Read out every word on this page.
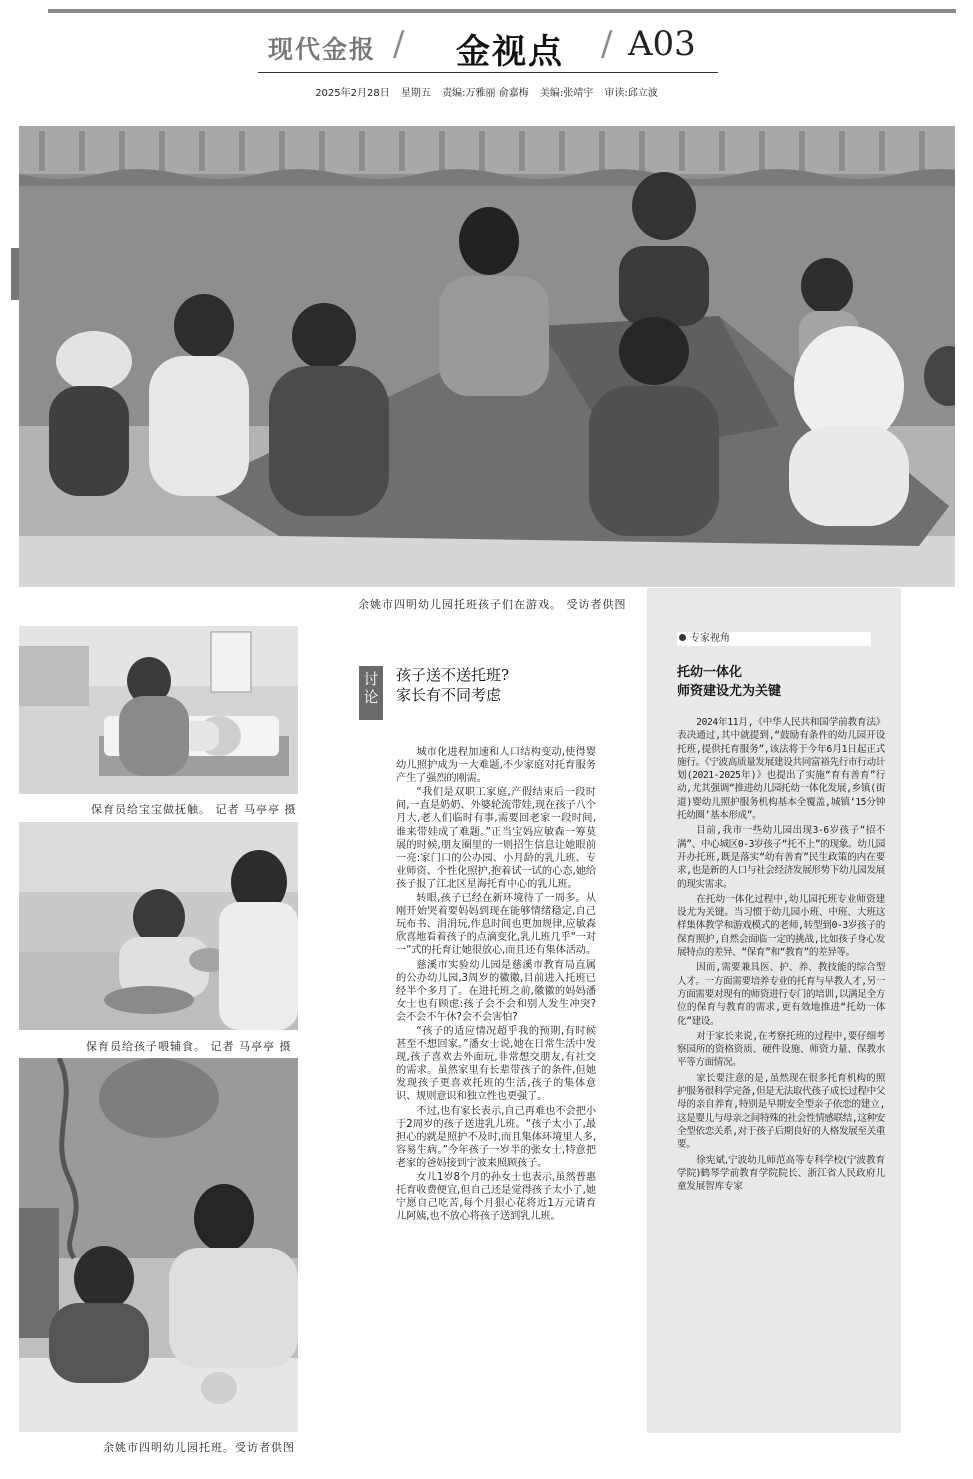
现代金报 / 金视点 / A03
2025年2月28日 星期五 责编:万雅丽 俞嘉梅 美编:张靖宇 审读:邱立波
余姚市四明幼儿园托班孩子们在游戏。 受访者供图
保育员给宝宝做抚触。 记者 马亭亭 摄
保育员给孩子喂辅食。 记者 马亭亭 摄
余姚市四明幼儿园托班。受访者供图
讨论
孩子送不送托班?
家长有不同考虑

城市化进程加速和人口结构变动,使得婴幼儿照护成为一大难题,不少家庭对托育服务产生了强烈的刚需。

“我们是双职工家庭,产假结束后一段时间,一直是奶奶、外婆轮流带娃,现在孩子八个月大,老人们临时有事,需要回老家一段时间,谁来带娃成了难题。”正当宝妈应敏森一筹莫展的时候,朋友圈里的一则招生信息让她眼前一亮:家门口的公办园、小月龄的乳儿班、专业师资、个性化照护,抱着试一试的心态,她给孩子报了江北区星海托育中心的乳儿班。

转眼,孩子已经在新环境待了一周多。从刚开始哭着要妈妈到现在能够情绪稳定,自己玩布书、涓涓玩,作息时间也更加规律,应敏森欣喜地看着孩子的点滴变化,乳儿班几乎“一对一”式的托育让她很放心,而且还有集体活动。

慈溪市实验幼儿园是慈溪市教育局直属的公办幼儿园,3周岁的徽徽,目前进入托班已经半个多月了。在进托班之前,徽徽的妈妈潘女士也有顾虑:孩子会不会和别人发生冲突?会不会不午休?会不会害怕?

“孩子的适应情况超乎我的预期,有时候甚至不想回家。”潘女士说,她在日常生活中发现,孩子喜欢去外面玩,非常想交朋友,有社交的需求。虽然家里有长辈带孩子的条件,但她发现孩子更喜欢托班的生活,孩子的集体意识、规则意识和独立性也更强了。

不过,也有家长表示,自己再难也不会把小于2周岁的孩子送进乳儿班。“孩子太小了,最担心的就是照护不及时,而且集体环境里人多,容易生病。”今年孩子一岁半的张女士,特意把老家的爸妈接到宁波来照顾孩子。

女儿1岁8个月的孙女士也表示,虽然普惠托育收费便宜,但自己还是觉得孩子太小了,她宁愿自己吃苦,每个月狠心花将近1万元请育儿阿姨,也不放心将孩子送到乳儿班。

专家视角
托幼一体化
师资建设尤为关键

2024年11月,《中华人民共和国学前教育法》表决通过,其中就提到,“鼓励有条件的幼儿园开设托班,提供托育服务”,该法将于今年6月1日起正式施行。《宁波高质量发展建设共同富裕先行市行动计划(2021-2025年)》也提出了实施“育有善育”行动,尤其强调“推进幼儿园托幼一体化发展,乡镇(街道)婴幼儿照护服务机构基本全覆盖,城镇‘15分钟托幼圈’基本形成”。

目前,我市一些幼儿园出现3-6岁孩子“招不满”、中心城区0-3岁孩子“托不上”的现象。幼儿园开办托班,既是落实“幼有善育”民生政策的内在要求,也是新的人口与社会经济发展形势下幼儿园发展的现实需求。

在托幼一体化过程中,幼儿园托班专业师资建设尤为关键。当习惯于幼儿园小班、中班、大班这样集体教学和游戏模式的老师,转型到0-3岁孩子的保育照护,自然会面临一定的挑战,比如孩子身心发展特点的差异、“保育”和“教育”的差异等。

因而,需要兼具医、护、养、教技能的综合型人才。一方面需要培养专业的托育与早教人才,另一方面需要对现有的师资进行专门的培训,以满足全方位的保育与教育的需求,更有效地推进“托幼一体化”建设。

对于家长来说,在考察托班的过程中,要仔细考察园所的资格资质、硬件设施、师资力量、保教水平等方面情况。

家长要注意的是,虽然现在很多托育机构的照护服务很科学完备,但是无法取代孩子成长过程中父母的亲自养育,特别是早期安全型亲子依恋的建立,这是婴儿与母亲之间特殊的社会性情感联结,这种安全型依恋关系,对于孩子后期良好的人格发展至关重要。

徐宪斌,宁波幼儿师范高等专科学校(宁波教育学院)鹤琴学前教育学院院长、浙江省人民政府儿童发展智库专家
